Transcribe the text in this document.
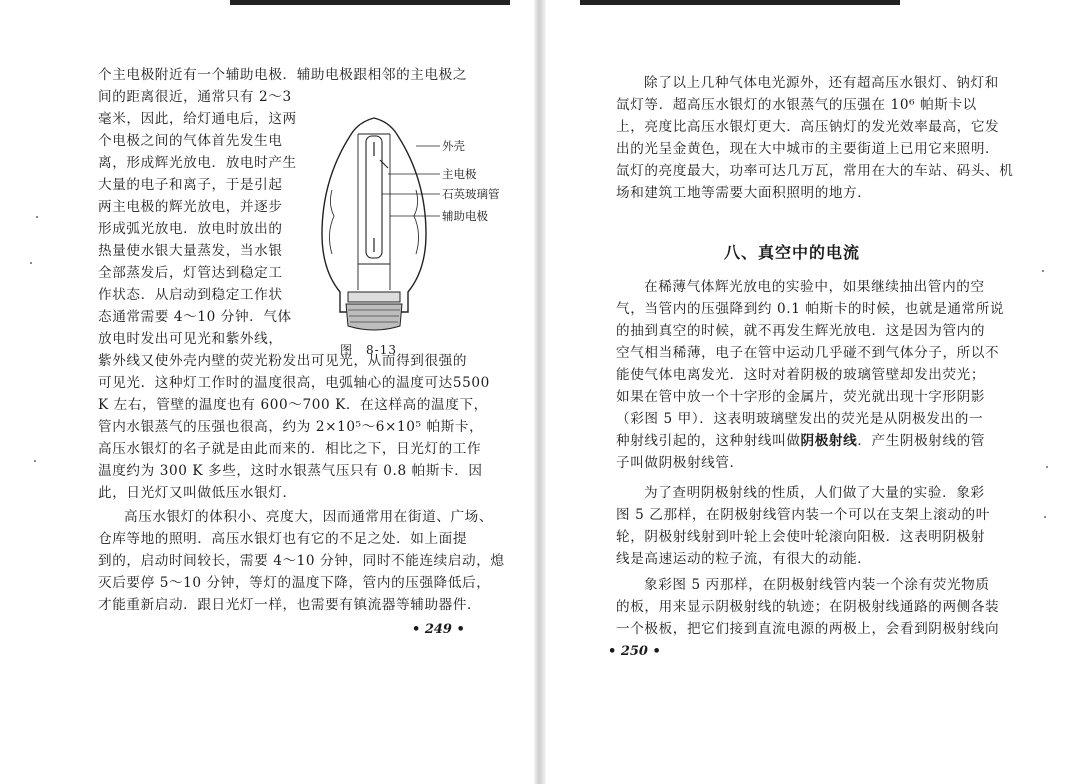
个主电极附近有一个辅助电极．辅助电极跟相邻的主电极之
间的距离很近，通常只有 2～3
毫米，因此，给灯通电后，这两
个电极之间的气体首先发生电
离，形成辉光放电．放电时产生
大量的电子和离子，于是引起
两主电极的辉光放电，并逐步
形成弧光放电．放电时放出的
热量使水银大量蒸发，当水银
全部蒸发后，灯管达到稳定工
作状态．从启动到稳定工作状
态通常需要 4～10 分钟．气体
放电时发出可见光和紫外线，
外壳
主电极
石英玻璃管
辅助电极
图　8-13
紫外线又使外壳内壁的荧光粉发出可见光，从而得到很强的
可见光．这种灯工作时的温度很高，电弧轴心的温度可达5500
K 左右，管壁的温度也有 600～700 K．在这样高的温度下，
管内水银蒸气的压强也很高，约为 2×10⁵～6×10⁵ 帕斯卡，
高压水银灯的名子就是由此而来的．相比之下，日光灯的工作
温度约为 300 K 多些，这时水银蒸气压只有 0.8 帕斯卡．因
此，日光灯又叫做低压水银灯．
高压水银灯的体积小、亮度大，因而通常用在街道、广场、
仓库等地的照明．高压水银灯也有它的不足之处．如上面提
到的，启动时间较长，需要 4～10 分钟，同时不能连续启动，熄
灭后要停 5～10 分钟，等灯的温度下降，管内的压强降低后，
才能重新启动．跟日光灯一样，也需要有镇流器等辅助器件．
• 249 •
除了以上几种气体电光源外，还有超高压水银灯、钠灯和
氙灯等．超高压水银灯的水银蒸气的压强在 10⁶ 帕斯卡以
上，亮度比高压水银灯更大．高压钠灯的发光效率最高，它发
出的光呈金黄色，现在大中城市的主要街道上已用它来照明．
氙灯的亮度最大，功率可达几万瓦，常用在大的车站、码头、机
场和建筑工地等需要大面积照明的地方．
八、真空中的电流
在稀薄气体辉光放电的实验中，如果继续抽出管内的空
气，当管内的压强降到约 0.1 帕斯卡的时候，也就是通常所说
的抽到真空的时候，就不再发生辉光放电．这是因为管内的
空气相当稀薄，电子在管中运动几乎碰不到气体分子，所以不
能使气体电离发光．这时对着阴极的玻璃管壁却发出荧光；
如果在管中放一个十字形的金属片，荧光就出现十字形阴影
（彩图 5 甲）．这表明玻璃壁发出的荧光是从阴极发出的一
种射线引起的，这种射线叫做阴极射线．产生阴极射线的管
子叫做阴极射线管．
为了查明阴极射线的性质，人们做了大量的实验．象彩
图 5 乙那样，在阴极射线管内装一个可以在支架上滚动的叶
轮，阴极射线射到叶轮上会使叶轮滚向阳极．这表明阴极射
线是高速运动的粒子流，有很大的动能．
象彩图 5 丙那样，在阴极射线管内装一个涂有荧光物质
的板，用来显示阴极射线的轨迹；在阴极射线通路的两侧各装
一个极板，把它们接到直流电源的两极上，会看到阴极射线向
• 250 •
